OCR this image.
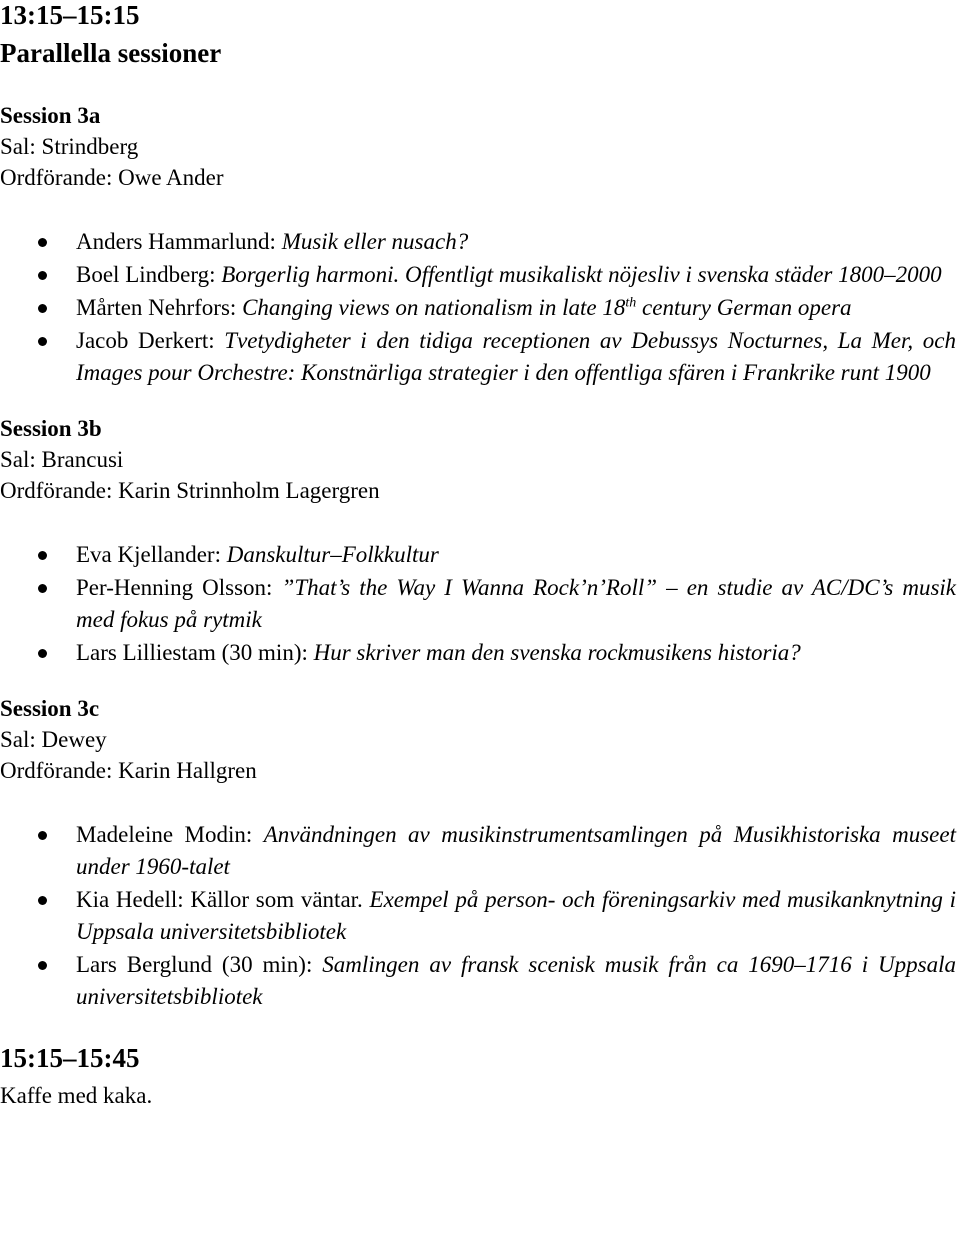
13:15–15:15
Parallella sessioner

Session 3a

Sal: Strindberg

Ordförande: Owe Ander

Anders Hammarlund: Musik eller nusach?
Boel Lindberg: Borgerlig harmoni. Offentligt musikaliskt nöjesliv i svenska städer 1800–2000
Mårten Nehrfors: Changing views on nationalism in late 18th century German opera
Jacob Derkert: Tvetydigheter i den tidiga receptionen av Debussys Nocturnes, La Mer, och Images pour Orchestre: Konstnärliga strategier i den offentliga sfären i Frankrike runt 1900

Session 3b

Sal: Brancusi

Ordförande: Karin Strinnholm Lagergren

Eva Kjellander: Danskultur–Folkkultur
Per-Henning Olsson: ”That’s the Way I Wanna Rock’n’Roll” – en studie av AC/DC’s musik med fokus på rytmik
Lars Lilliestam (30 min): Hur skriver man den svenska rockmusikens historia?

Session 3c

Sal: Dewey

Ordförande: Karin Hallgren

Madeleine Modin: Användningen av musikinstrumentsamlingen på Musikhistoriska museet under 1960-talet
Kia Hedell: Källor som väntar. Exempel på person- och föreningsarkiv med musikanknytning i Uppsala universitetsbibliotek
Lars Berglund (30 min): Samlingen av fransk scenisk musik från ca 1690–1716 i Uppsala universitetsbibliotek

15:15–15:45

Kaffe med kaka.
